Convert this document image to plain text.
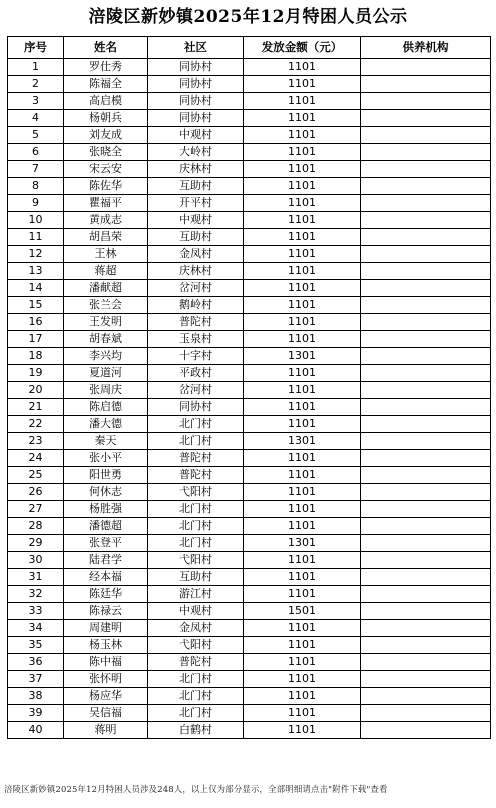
涪陵区新妙镇2025年12月特困人员公示
序号	姓名	社区	发放金额（元）	供养机构
1	罗仕秀	同协村	1101	
2	陈福全	同协村	1101	
3	高启模	同协村	1101	
4	杨朝兵	同协村	1101	
5	刘友成	中观村	1101	
6	张晓全	大岭村	1101	
7	宋云安	庆林村	1101	
8	陈佐华	互助村	1101	
9	瞿福平	开平村	1101	
10	黄成志	中观村	1101	
11	胡昌荣	互助村	1101	
12	王林	金凤村	1101	
13	蒋超	庆林村	1101	
14	潘献超	岔河村	1101	
15	张兰会	鹅岭村	1101	
16	王发明	普陀村	1101	
17	胡春斌	玉泉村	1101	
18	李兴均	十字村	1301	
19	夏道河	平政村	1101	
20	张周庆	岔河村	1101	
21	陈启德	同协村	1101	
22	潘大德	北门村	1101	
23	秦天	北门村	1301	
24	张小平	普陀村	1101	
25	阳世勇	普陀村	1101	
26	何休志	弋阳村	1101	
27	杨胜强	北门村	1101	
28	潘德超	北门村	1101	
29	张登平	北门村	1301	
30	陆君学	弋阳村	1101	
31	经本福	互助村	1101	
32	陈廷华	游江村	1101	
33	陈禄云	中观村	1501	
34	周建明	金凤村	1101	
35	杨玉林	弋阳村	1101	
36	陈中福	普陀村	1101	
37	张怀明	北门村	1101	
38	杨应华	北门村	1101	
39	吴信福	北门村	1101	
40	蒋明	白鹤村	1101	
涪陵区新妙镇2025年12月特困人员涉及248人，以上仅为部分显示，全部明细请点击"附件下载"查看
